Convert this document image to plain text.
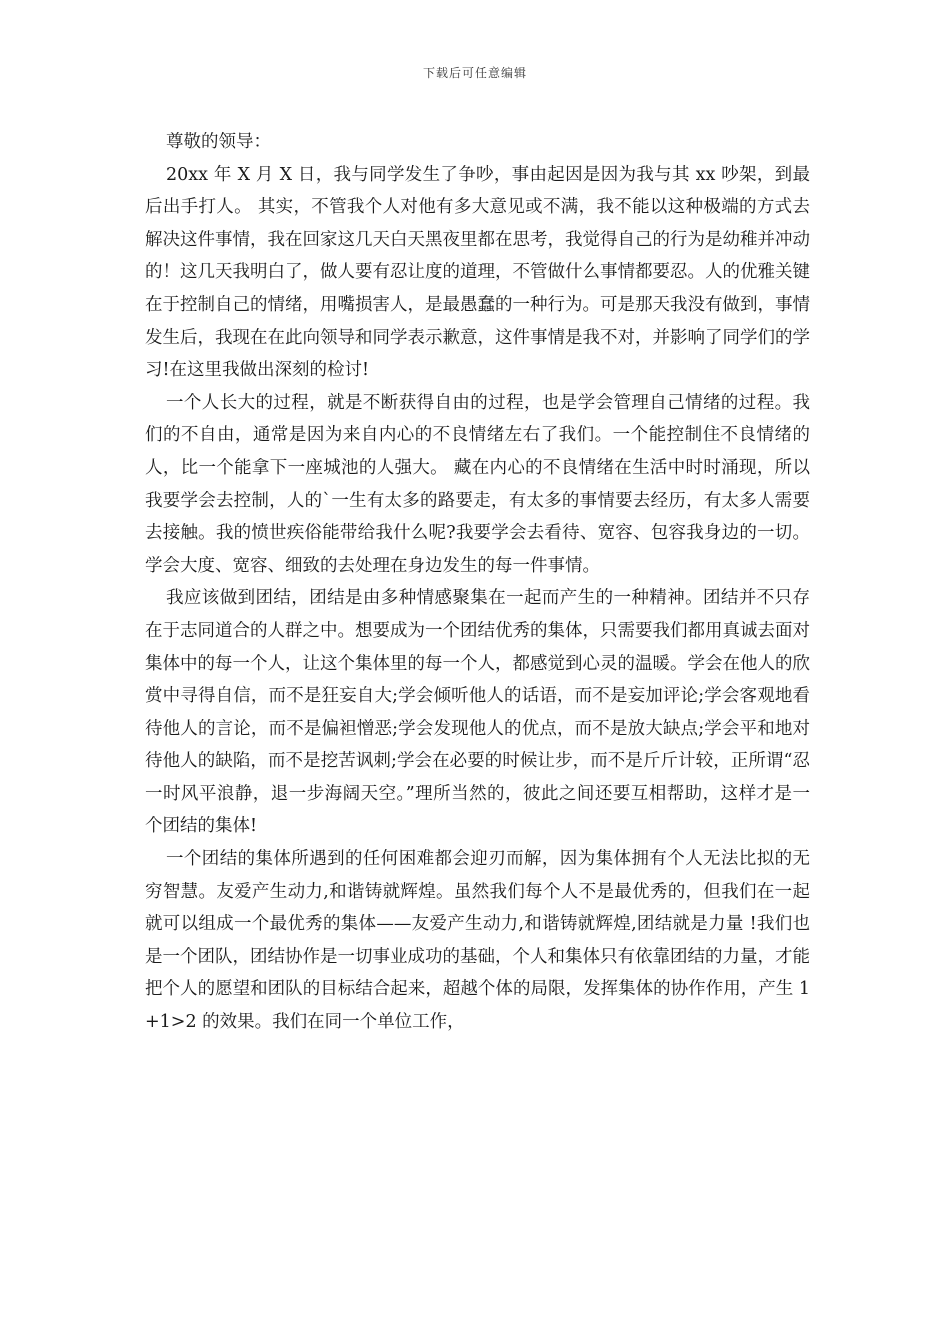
下载后可任意编辑

尊敬的领导：

20xx 年 X 月 X 日，我与同学发生了争吵，事由起因是因为我与其 xx 吵架，到最后出手打人。 其实，不管我个人对他有多大意见或不满，我不能以这种极端的方式去解决这件事情，我在回家这几天白天黑夜里都在思考，我觉得自己的行为是幼稚并冲动的！这几天我明白了，做人要有忍让度的道理，不管做什么事情都要忍。人的优雅关键在于控制自己的情绪，用嘴损害人，是最愚蠢的一种行为。可是那天我没有做到，事情发生后，我现在在此向领导和同学表示歉意，这件事情是我不对，并影响了同学们的学习!在这里我做出深刻的检讨!

一个人长大的过程，就是不断获得自由的过程，也是学会管理自己情绪的过程。我们的不自由，通常是因为来自内心的不良情绪左右了我们。一个能控制住不良情绪的人，比一个能拿下一座城池的人强大。 藏在内心的不良情绪在生活中时时涌现，所以我要学会去控制，人的`一生有太多的路要走，有太多的事情要去经历，有太多人需要去接触。我的愤世疾俗能带给我什么呢?我要学会去看待、宽容、包容我身边的一切。学会大度、宽容、细致的去处理在身边发生的每一件事情。

我应该做到团结，团结是由多种情感聚集在一起而产生的一种精神。团结并不只存在于志同道合的人群之中。想要成为一个团结优秀的集体，只需要我们都用真诚去面对集体中的每一个人，让这个集体里的每一个人，都感觉到心灵的温暖。学会在他人的欣赏中寻得自信，而不是狂妄自大;学会倾听他人的话语，而不是妄加评论;学会客观地看待他人的言论，而不是偏袒憎恶;学会发现他人的优点，而不是放大缺点;学会平和地对待他人的缺陷，而不是挖苦讽刺;学会在必要的时候让步，而不是斤斤计较，正所谓“忍一时风平浪静，退一步海阔天空。”理所当然的，彼此之间还要互相帮助，这样才是一个团结的集体!

一个团结的集体所遇到的任何困难都会迎刃而解，因为集体拥有个人无法比拟的无穷智慧。友爱产生动力,和谐铸就辉煌。虽然我们每个人不是最优秀的，但我们在一起就可以组成一个最优秀的集体——友爱产生动力,和谐铸就辉煌,团结就是力量 !我们也是一个团队，团结协作是一切事业成功的基础，个人和集体只有依靠团结的力量，才能把个人的愿望和团队的目标结合起来，超越个体的局限，发挥集体的协作作用，产生 1+1>2 的效果。我们在同一个单位工作，
